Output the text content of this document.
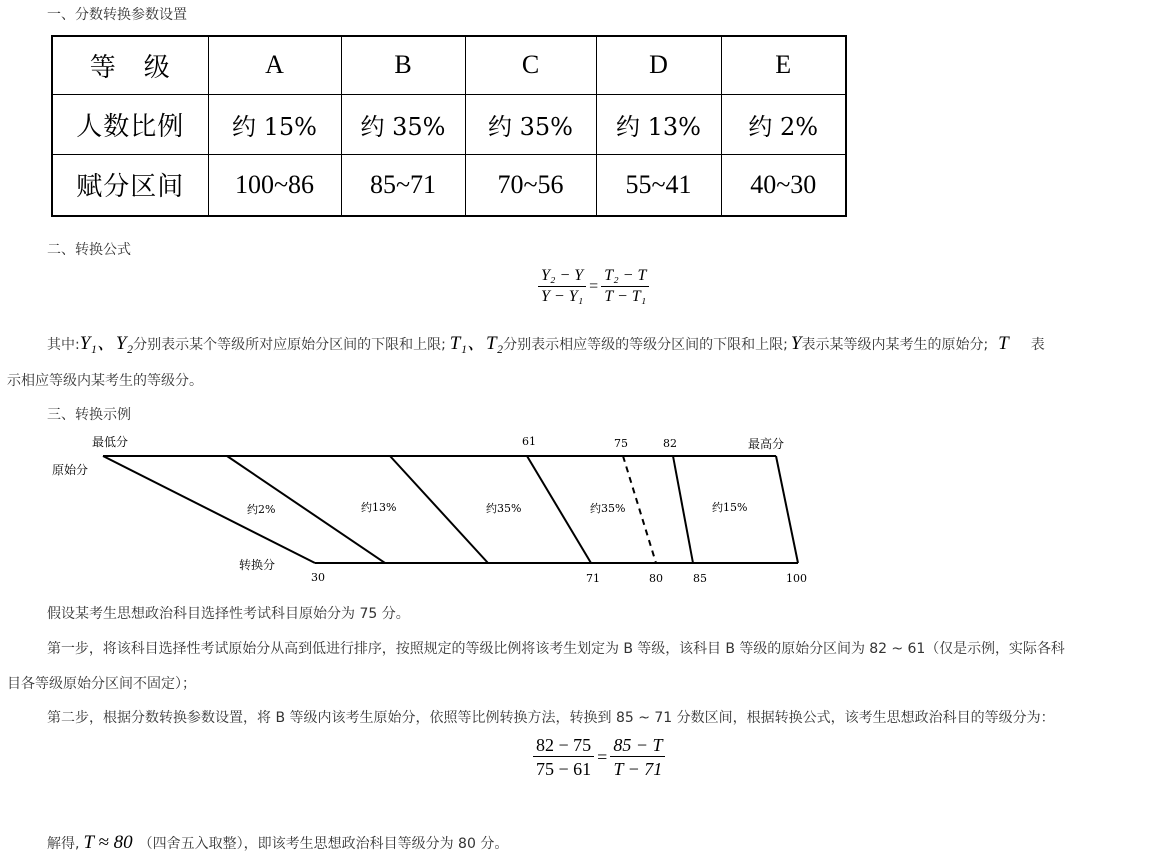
一、分数转换参数设置
等　级	A	B	C	D	E
人数比例	约 15%	约 35%	约 35%	约 13%	约 2%
赋分区间	100~86	85~71	70~56	55~41	40~30
二、转换公式
$\frac{\text{Y₂ − Y}}{\text{Y − Y₁}} = \frac{\text{T₂ − T}}{\text{T − T₁}}$
其中: Y₁、Y₂ 分别表示某个等级所对应原始分区间的下限和上限; T₁、T₂ 分别表示相应等级的等级分区间的下限和上限; Y 表示某等级内某考生的原始分; T 表
示相应等级内某考生的等级分。
三、转换示例
最低分	最高分
原始分
转换分
61	75	82
30	71	80	85	100
约2%	约13%	约35%	约35%	约15%
假设某考生思想政治科目选择性考试科目原始分为 75 分。
第一步，将该科目选择性考试原始分从高到低进行排序，按照规定的等级比例将该考生划定为 B 等级，该科目 B 等级的原始分区间为 82 ~ 61（仅是示例，实际各科
目各等级原始分区间不固定）；
第二步，根据分数转换参数设置，将 B 等级内该考生原始分，依照等比例转换方法，转换到 85 ~ 71 分数区间，根据转换公式，该考生思想政治科目的等级分为：
$\frac{82 - 75}{75 - 61} = \frac{85 - T}{T - 71}$
解得, T ≈ 80 （四舍五入取整），即该考生思想政治科目等级分为 80 分。
